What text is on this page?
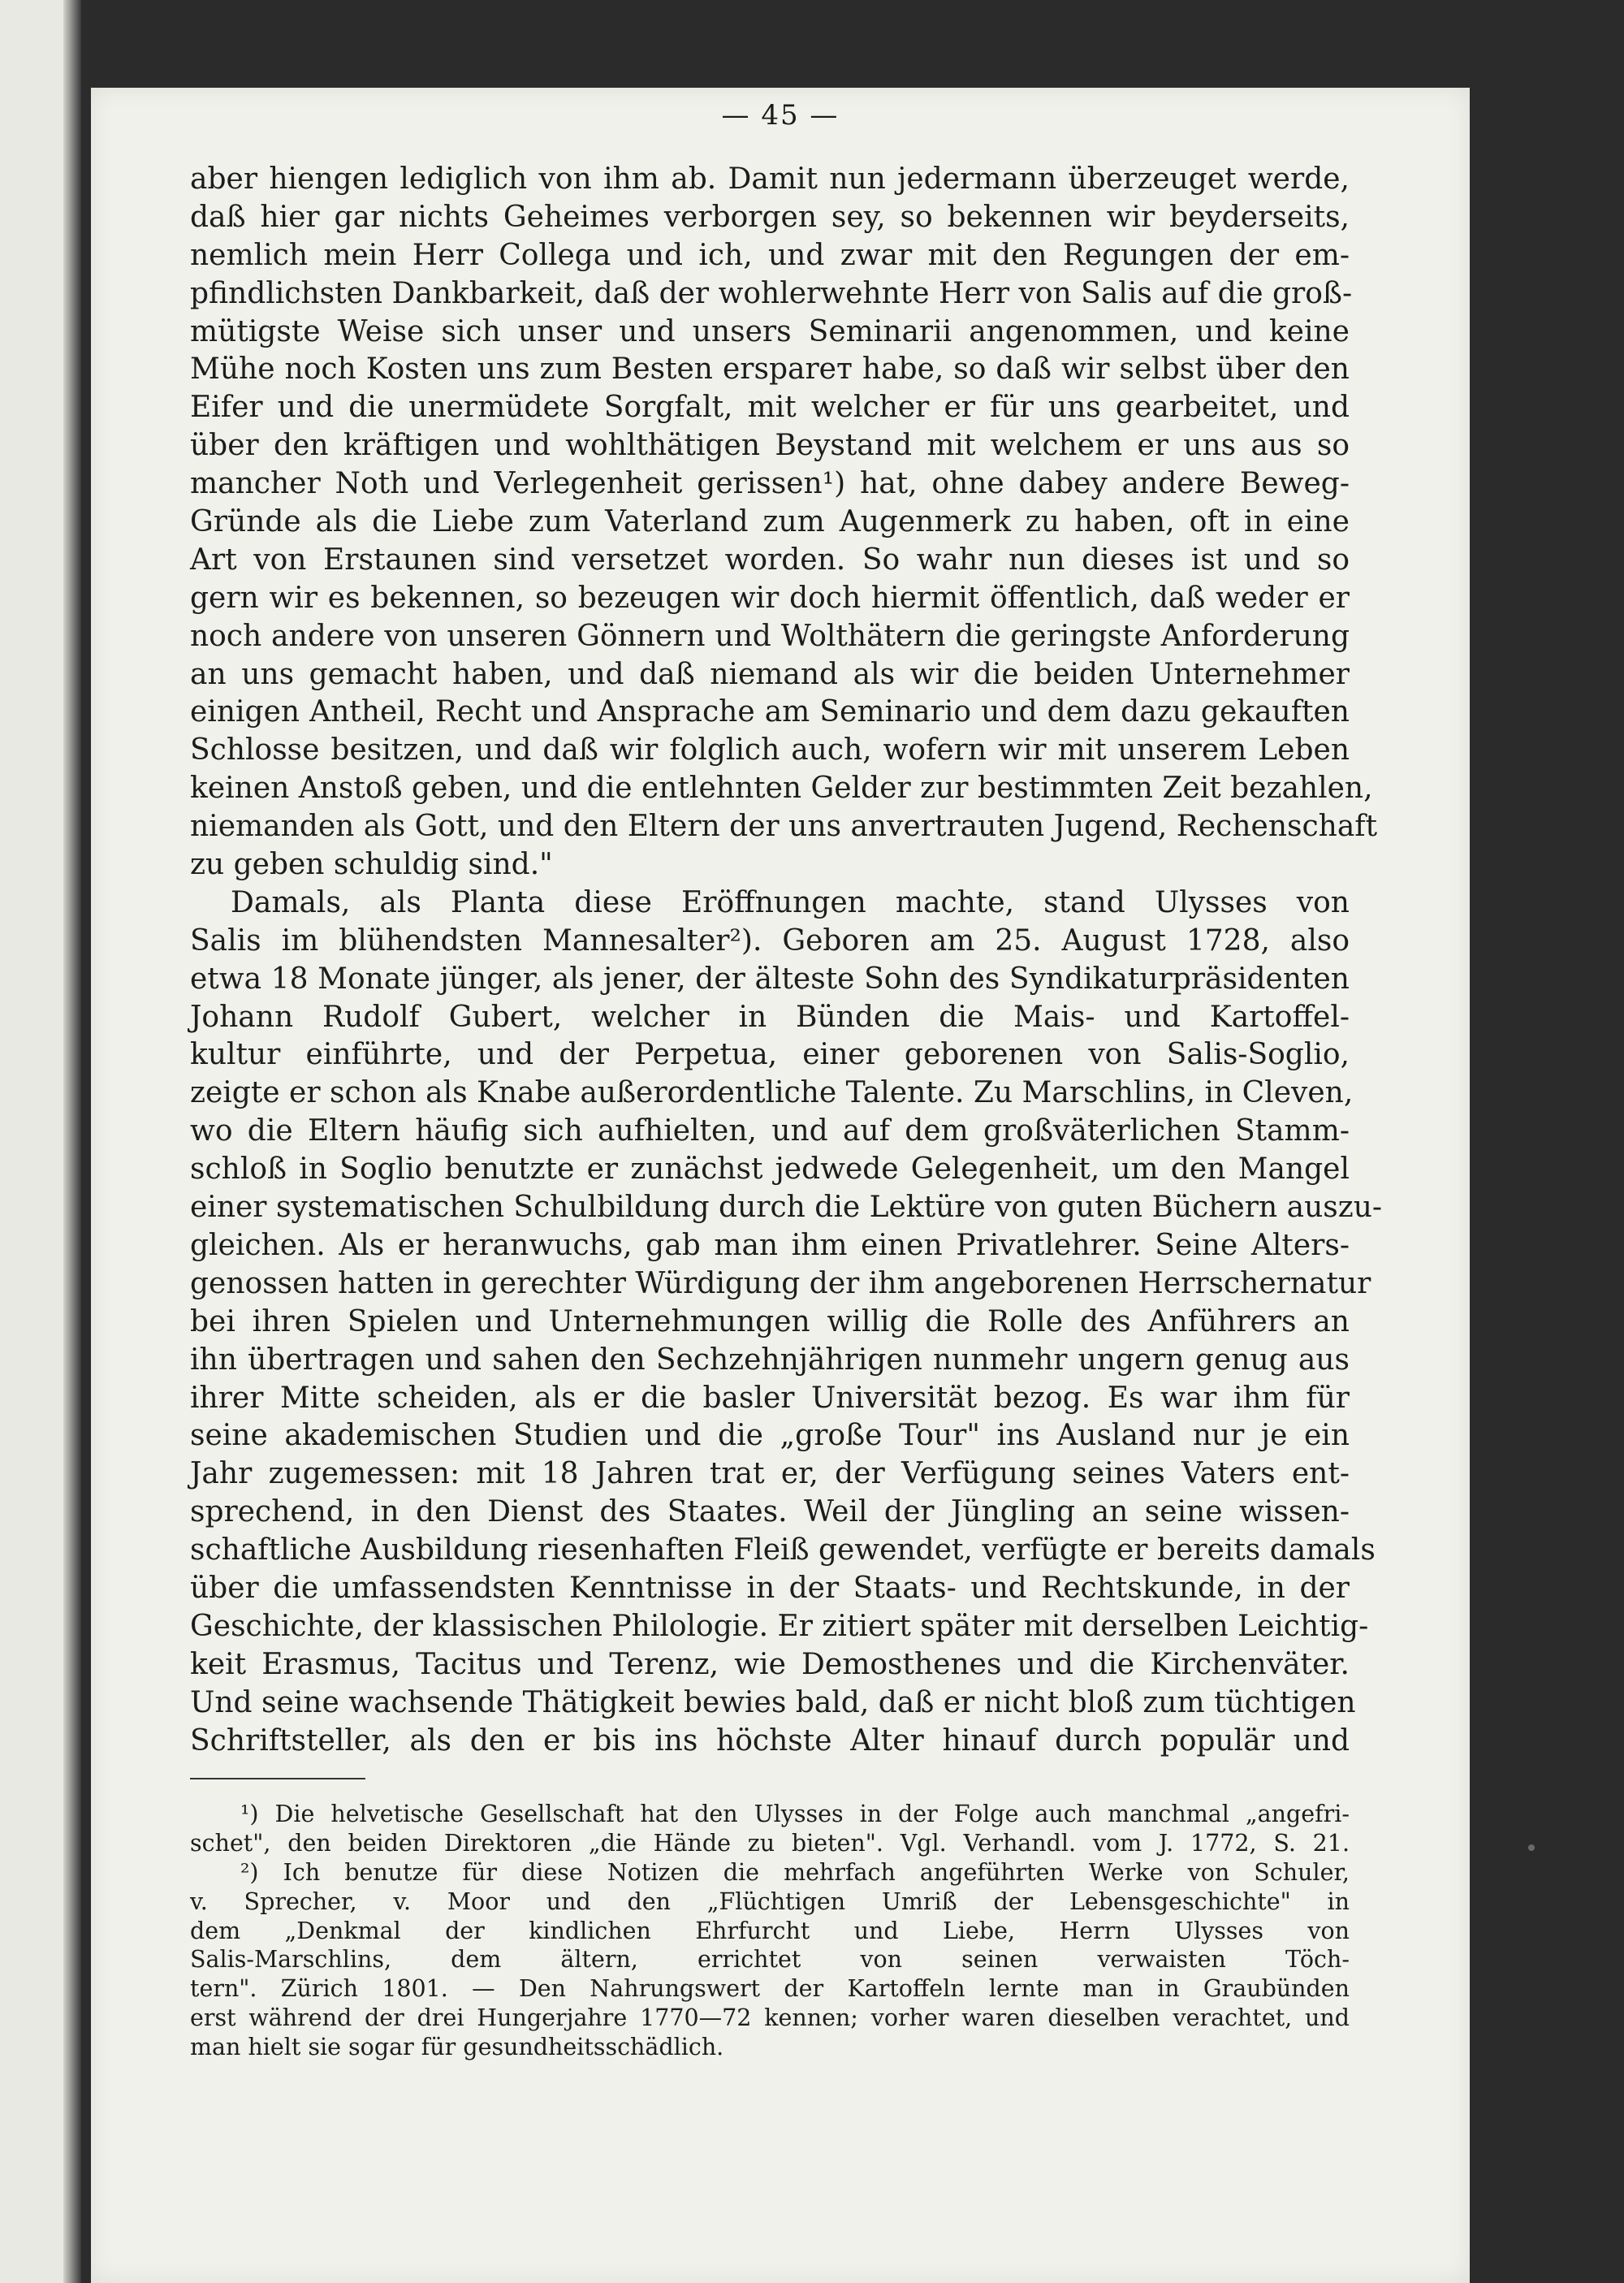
— 45 —
aber hiengen lediglich von ihm ab. Damit nun jedermann überzeuget werde,
daß hier gar nichts Geheimes verborgen sey, so bekennen wir beyderseits,
nemlich mein Herr Collega und ich, und zwar mit den Regungen der em-
pfindlichsten Dankbarkeit, daß der wohlerwehnte Herr von Salis auf die groß-
mütigste Weise sich unser und unsers Seminarii angenommen, und keine
Mühe noch Kosten uns zum Besten erspareт habe, so daß wir selbst über den
Eifer und die unermüdete Sorgfalt, mit welcher er für uns gearbeitet, und
über den kräftigen und wohlthätigen Beystand mit welchem er uns aus so
mancher Noth und Verlegenheit gerissen¹) hat, ohne dabey andere Beweg-
Gründe als die Liebe zum Vaterland zum Augenmerk zu haben, oft in eine
Art von Erstaunen sind versetzet worden. So wahr nun dieses ist und so
gern wir es bekennen, so bezeugen wir doch hiermit öffentlich, daß weder er
noch andere von unseren Gönnern und Wolthätern die geringste Anforderung
an uns gemacht haben, und daß niemand als wir die beiden Unternehmer
einigen Antheil, Recht und Ansprache am Seminario und dem dazu gekauften
Schlosse besitzen, und daß wir folglich auch, wofern wir mit unserem Leben
keinen Anstoß geben, und die entlehnten Gelder zur bestimmten Zeit bezahlen,
niemanden als Gott, und den Eltern der uns anvertrauten Jugend, Rechenschaft
zu geben schuldig sind."
Damals, als Planta diese Eröffnungen machte, stand Ulysses von
Salis im blühendsten Mannesalter²). Geboren am 25. August 1728, also
etwa 18 Monate jünger, als jener, der älteste Sohn des Syndikaturpräsidenten
Johann Rudolf Gubert, welcher in Bünden die Mais- und Kartoffel-
kultur einführte, und der Perpetua, einer geborenen von Salis-Soglio,
zeigte er schon als Knabe außerordentliche Talente. Zu Marschlins, in Cleven,
wo die Eltern häufig sich aufhielten, und auf dem großväterlichen Stamm-
schloß in Soglio benutzte er zunächst jedwede Gelegenheit, um den Mangel
einer systematischen Schulbildung durch die Lektüre von guten Büchern auszu-
gleichen. Als er heranwuchs, gab man ihm einen Privatlehrer. Seine Alters-
genossen hatten in gerechter Würdigung der ihm angeborenen Herrschernatur
bei ihren Spielen und Unternehmungen willig die Rolle des Anführers an
ihn übertragen und sahen den Sechzehnjährigen nunmehr ungern genug aus
ihrer Mitte scheiden, als er die basler Universität bezog. Es war ihm für
seine akademischen Studien und die „große Tour" ins Ausland nur je ein
Jahr zugemessen: mit 18 Jahren trat er, der Verfügung seines Vaters ent-
sprechend, in den Dienst des Staates. Weil der Jüngling an seine wissen-
schaftliche Ausbildung riesenhaften Fleiß gewendet, verfügte er bereits damals
über die umfassendsten Kenntnisse in der Staats- und Rechtskunde, in der
Geschichte, der klassischen Philologie. Er zitiert später mit derselben Leichtig-
keit Erasmus, Tacitus und Terenz, wie Demosthenes und die Kirchenväter.
Und seine wachsende Thätigkeit bewies bald, daß er nicht bloß zum tüchtigen
Schriftsteller, als den er bis ins höchste Alter hinauf durch populär und
¹) Die helvetische Gesellschaft hat den Ulysses in der Folge auch manchmal „angefri-
schet", den beiden Direktoren „die Hände zu bieten". Vgl. Verhandl. vom J. 1772, S. 21.
²) Ich benutze für diese Notizen die mehrfach angeführten Werke von Schuler,
v. Sprecher, v. Moor und den „Flüchtigen Umriß der Lebensgeschichte" in
dem „Denkmal der kindlichen Ehrfurcht und Liebe, Herrn Ulysses von
Salis-Marschlins, dem ältern, errichtet von seinen verwaisten Töch-
tern". Zürich 1801. — Den Nahrungswert der Kartoffeln lernte man in Graubünden
erst während der drei Hungerjahre 1770—72 kennen; vorher waren dieselben verachtet, und
man hielt sie sogar für gesundheitsschädlich.
